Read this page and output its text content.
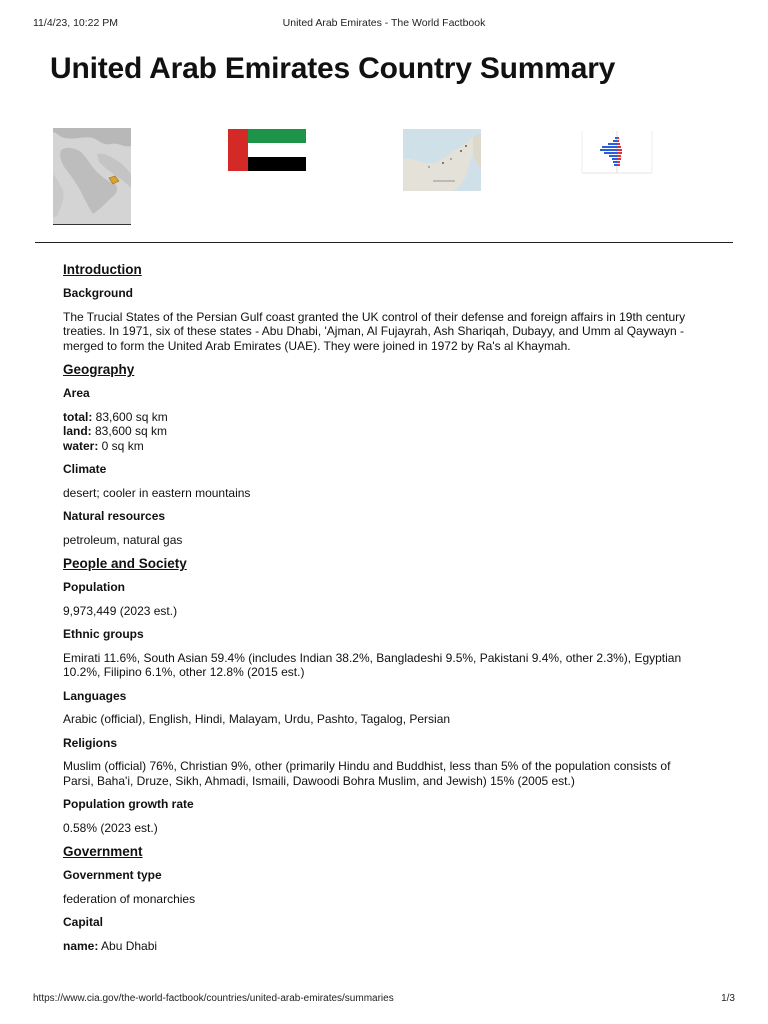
11/4/23, 10:22 PM	United Arab Emirates - The World Factbook
United Arab Emirates Country Summary
Introduction
Background
The Trucial States of the Persian Gulf coast granted the UK control of their defense and foreign affairs in 19th century treaties. In 1971, six of these states - Abu Dhabi, 'Ajman, Al Fujayrah, Ash Shariqah, Dubayy, and Umm al Qaywayn - merged to form the United Arab Emirates (UAE). They were joined in 1972 by Ra's al Khaymah.
Geography
Area
total: 83,600 sq km
land: 83,600 sq km
water: 0 sq km
Climate
desert; cooler in eastern mountains
Natural resources
petroleum, natural gas
People and Society
Population
9,973,449 (2023 est.)
Ethnic groups
Emirati 11.6%, South Asian 59.4% (includes Indian 38.2%, Bangladeshi 9.5%, Pakistani 9.4%, other 2.3%), Egyptian 10.2%, Filipino 6.1%, other 12.8% (2015 est.)
Languages
Arabic (official), English, Hindi, Malayam, Urdu, Pashto, Tagalog, Persian
Religions
Muslim (official) 76%, Christian 9%, other (primarily Hindu and Buddhist, less than 5% of the population consists of Parsi, Baha'i, Druze, Sikh, Ahmadi, Ismaili, Dawoodi Bohra Muslim, and Jewish) 15% (2005 est.)
Population growth rate
0.58% (2023 est.)
Government
Government type
federation of monarchies
Capital
name: Abu Dhabi
https://www.cia.gov/the-world-factbook/countries/united-arab-emirates/summaries	1/3
